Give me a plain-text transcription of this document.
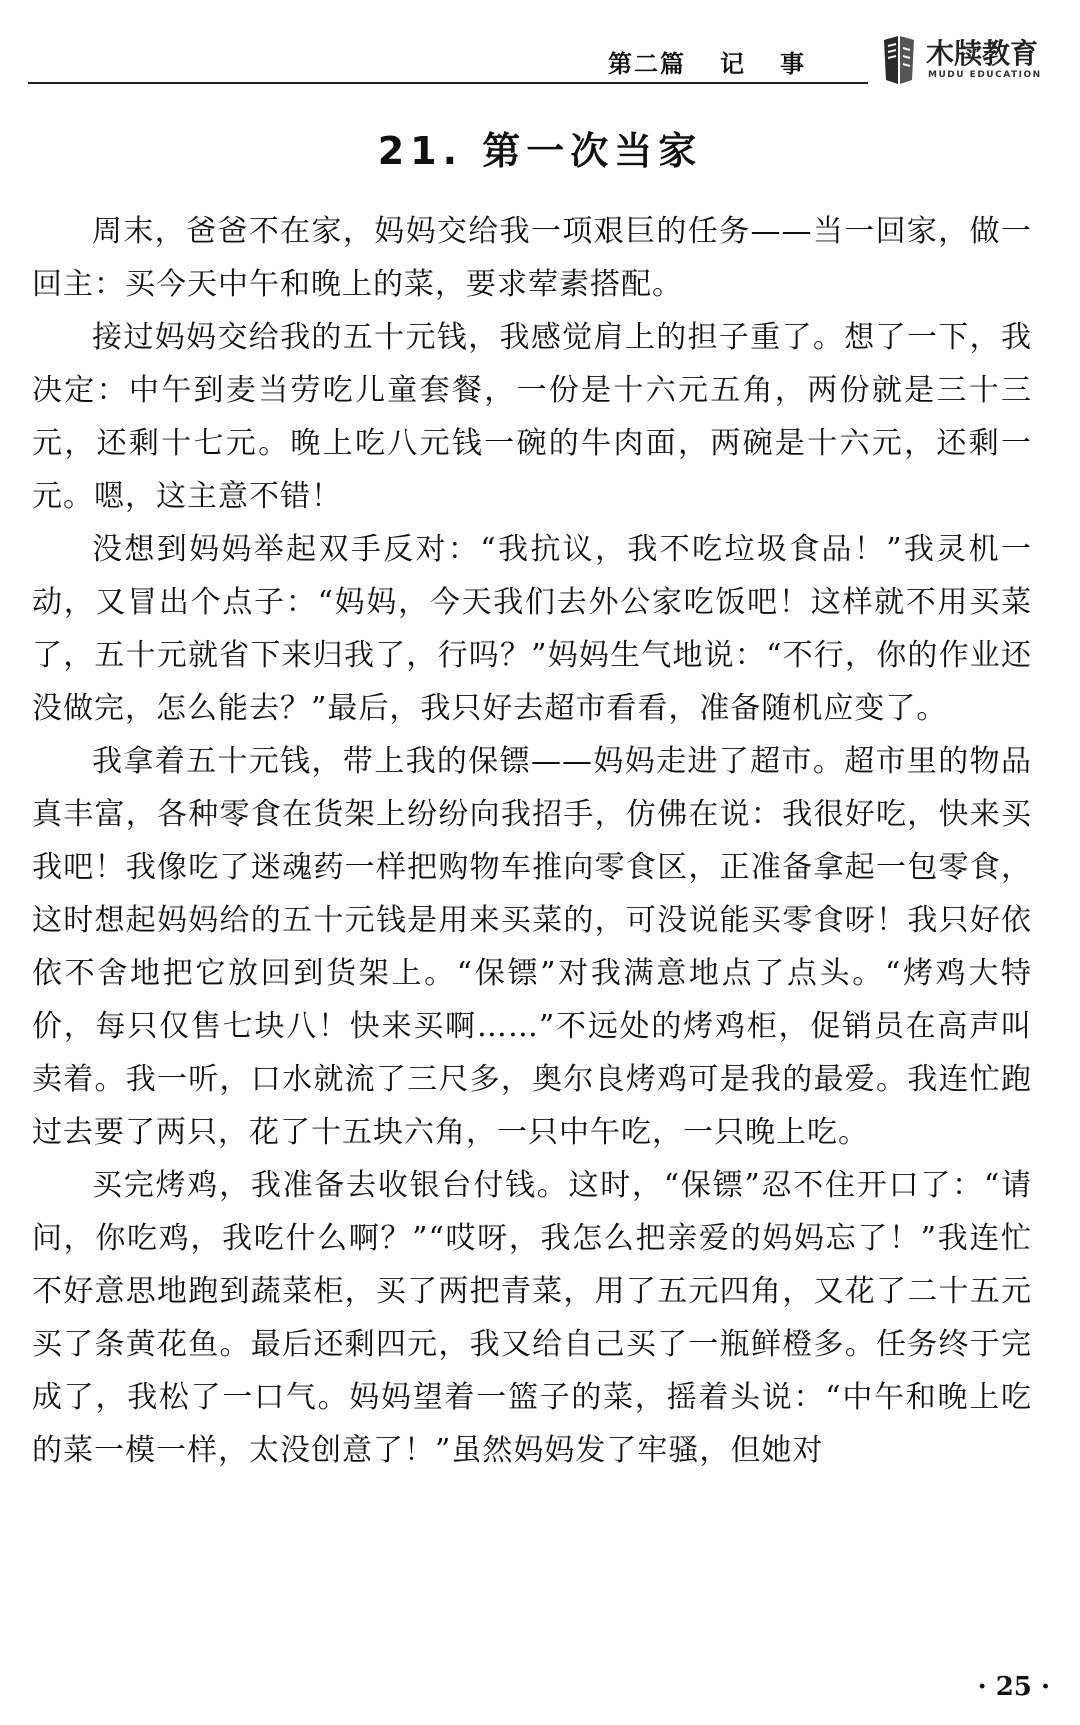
第二篇 记 事	木牍教育
MUDU EDUCATION
21. 第一次当家

周末，爸爸不在家，妈妈交给我一项艰巨的任务——当一回家，做一回主：买今天中午和晚上的菜，要求荤素搭配。

接过妈妈交给我的五十元钱，我感觉肩上的担子重了。想了一下，我决定：中午到麦当劳吃儿童套餐，一份是十六元五角，两份就是三十三元，还剩十七元。晚上吃八元钱一碗的牛肉面，两碗是十六元，还剩一元。嗯，这主意不错！

没想到妈妈举起双手反对：“我抗议，我不吃垃圾食品！”我灵机一动，又冒出个点子：“妈妈，今天我们去外公家吃饭吧！这样就不用买菜了，五十元就省下来归我了，行吗？”妈妈生气地说：“不行，你的作业还没做完，怎么能去？”最后，我只好去超市看看，准备随机应变了。

我拿着五十元钱，带上我的保镖——妈妈走进了超市。超市里的物品真丰富，各种零食在货架上纷纷向我招手，仿佛在说：我很好吃，快来买我吧！我像吃了迷魂药一样把购物车推向零食区，正准备拿起一包零食，这时想起妈妈给的五十元钱是用来买菜的，可没说能买零食呀！我只好依依不舍地把它放回到货架上。“保镖”对我满意地点了点头。“烤鸡大特价，每只仅售七块八！快来买啊……”不远处的烤鸡柜，促销员在高声叫卖着。我一听，口水就流了三尺多，奥尔良烤鸡可是我的最爱。我连忙跑过去要了两只，花了十五块六角，一只中午吃，一只晚上吃。

买完烤鸡，我准备去收银台付钱。这时，“保镖”忍不住开口了：“请问，你吃鸡，我吃什么啊？”“哎呀，我怎么把亲爱的妈妈忘了！”我连忙不好意思地跑到蔬菜柜，买了两把青菜，用了五元四角，又花了二十五元买了条黄花鱼。最后还剩四元，我又给自己买了一瓶鲜橙多。任务终于完成了，我松了一口气。妈妈望着一篮子的菜，摇着头说：“中午和晚上吃的菜一模一样，太没创意了！”虽然妈妈发了牢骚，但她对

· 25 ·
